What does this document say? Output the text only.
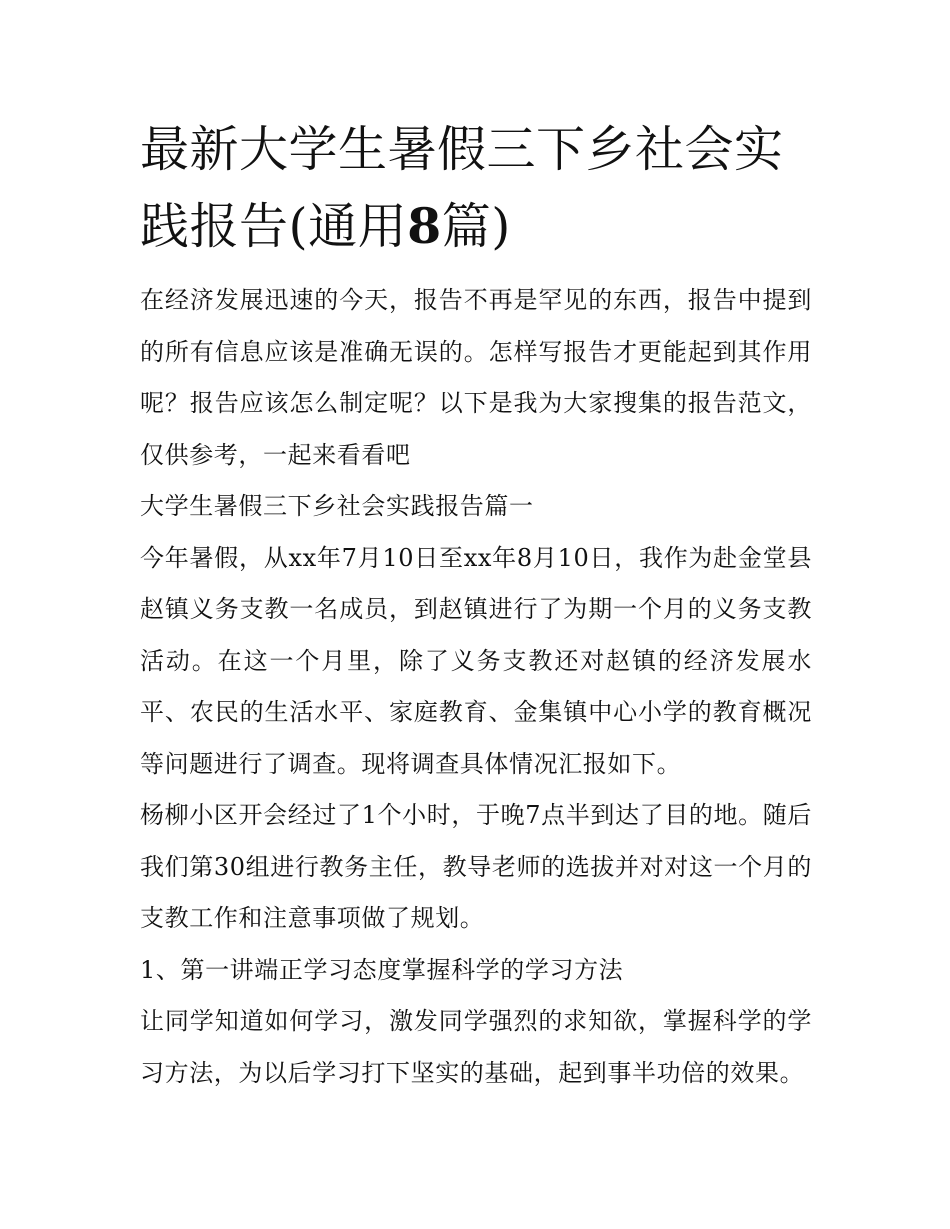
最新大学生暑假三下乡社会实践报告(通用8篇)

在经济发展迅速的今天，报告不再是罕见的东西，报告中提到的所有信息应该是准确无误的。怎样写报告才更能起到其作用呢？报告应该怎么制定呢？以下是我为大家搜集的报告范文，仅供参考，一起来看看吧

大学生暑假三下乡社会实践报告篇一

今年暑假，从xx年7月10日至xx年8月10日，我作为赴金堂县赵镇义务支教一名成员，到赵镇进行了为期一个月的义务支教活动。在这一个月里，除了义务支教还对赵镇的经济发展水平、农民的生活水平、家庭教育、金集镇中心小学的教育概况等问题进行了调查。现将调查具体情况汇报如下。

杨柳小区开会经过了1个小时，于晚7点半到达了目的地。随后我们第30组进行教务主任，教导老师的选拔并对对这一个月的支教工作和注意事项做了规划。

1、第一讲端正学习态度掌握科学的学习方法

让同学知道如何学习，激发同学强烈的求知欲，掌握科学的学习方法，为以后学习打下坚实的基础，起到事半功倍的效果。
